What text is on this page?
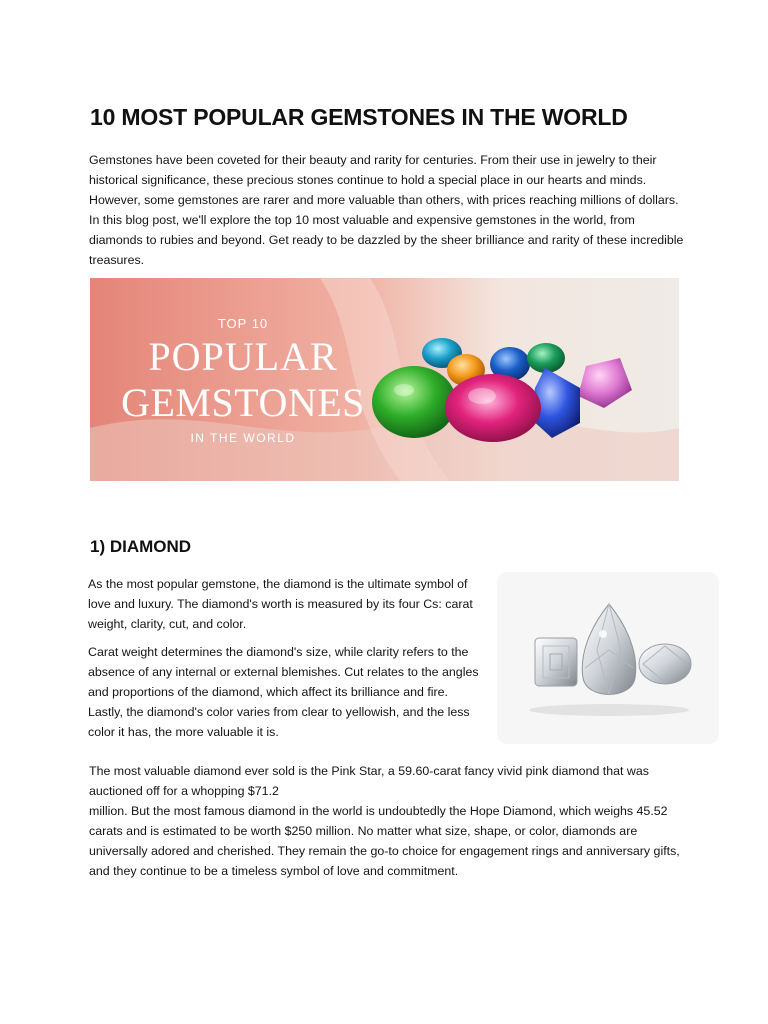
10 MOST POPULAR GEMSTONES IN THE WORLD

Gemstones have been coveted for their beauty and rarity for centuries. From their use in jewelry to their historical significance, these precious stones continue to hold a special place in our hearts and minds. However, some gemstones are rarer and more valuable than others, with prices reaching millions of dollars. In this blog post, we'll explore the top 10 most valuable and expensive gemstones in the world, from diamonds to rubies and beyond. Get ready to be dazzled by the sheer brilliance and rarity of these incredible treasures.

TOP 10
POPULAR
GEMSTONES
IN THE WORLD
1) DIAMOND

As the most popular gemstone, the diamond is the ultimate symbol of love and luxury. The diamond's worth is measured by its four Cs: carat weight, clarity, cut, and color.

Carat weight determines the diamond's size, while clarity refers to the absence of any internal or external blemishes. Cut relates to the angles and proportions of the diamond, which affect its brilliance and fire. Lastly, the diamond's color varies from clear to yellowish, and the less color it has, the more valuable it is.

The most valuable diamond ever sold is the Pink Star, a 59.60-carat fancy vivid pink diamond that was auctioned off for a whopping $71.2
million. But the most famous diamond in the world is undoubtedly the Hope Diamond, which weighs 45.52 carats and is estimated to be worth $250 million. No matter what size, shape, or color, diamonds are universally adored and cherished. They remain the go-to choice for engagement rings and anniversary gifts, and they continue to be a timeless symbol of love and commitment.
